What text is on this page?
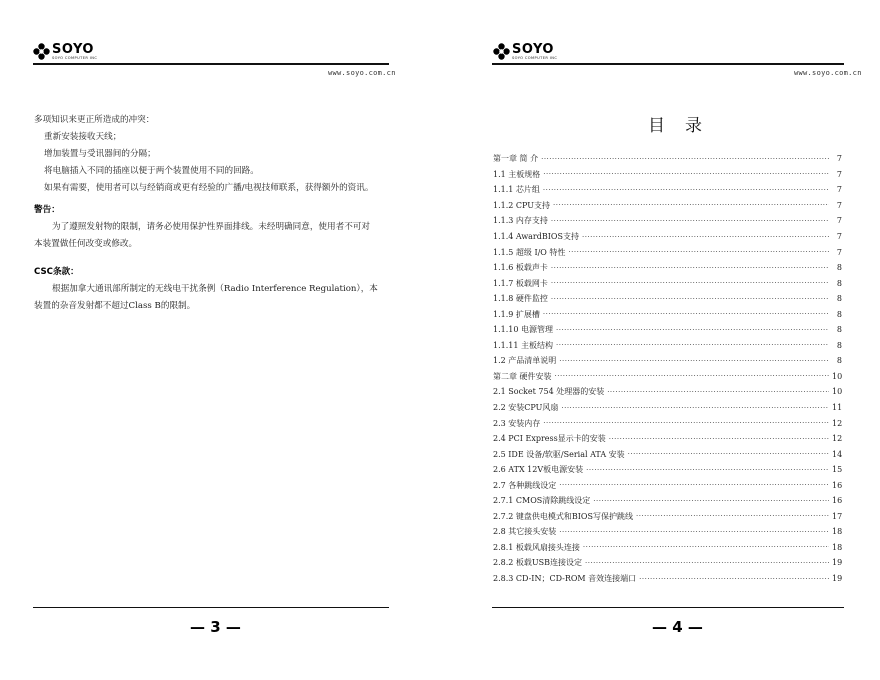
SOYO
SOYO COMPUTER INC
www.soyo.com.cn

多项知识来更正所造成的冲突：

重新安装接收天线；

增加装置与受讯器间的分隔；

将电脑插入不同的插座以便于两个装置使用不同的回路。

如果有需要，使用者可以与经销商或更有经验的广播/电视技师联系，获得额外的资讯。

警告：

为了遵照发射物的限制，请务必使用保护性界面排线。未经明确同意，使用者不可对

本装置做任何改变或修改。

CSC条款：

根据加拿大通讯部所制定的无线电干扰条例（Radio Interference Regulation），本

装置的杂音发射都不超过Class B的限制。

— 3 —
SOYO
SOYO COMPUTER INC
www.soyo.com.cn
目录
第一章 简 介 ·····	7
1.1 主板规格 ·····	7
1.1.1 芯片组 ·····	7
1.1.2 CPU支持 ·····	7
1.1.3 内存支持 ·····	7
1.1.4 AwardBIOS支持 ·····	7
1.1.5 超级 I/O 特性 ·····	7
1.1.6 板载声卡 ·····	8
1.1.7 板载网卡 ·····	8
1.1.8 硬件监控 ·····	8
1.1.9 扩展槽 ·····	8
1.1.10 电源管理 ·····	8
1.1.11 主板结构 ·····	8
1.2 产品清单说明 ·····	8
第二章 硬件安装 ·····	10
2.1 Socket 754 处理器的安装 ·····	10
2.2 安装CPU风扇 ·····	11
2.3 安装内存 ·····	12
2.4 PCI Express显示卡的安装 ·····	12
2.5 IDE 设备/软驱/Serial ATA 安装 ·····	14
2.6 ATX 12V板电源安装 ·····	15
2.7 各种跳线设定 ·····	16
2.7.1 CMOS清除跳线设定 ·····	16
2.7.2 键盘供电模式和BIOS写保护跳线 ·····	17
2.8 其它接头安装 ·····	18
2.8.1 板载风扇接头连接 ·····	18
2.8.2 板载USB连接设定 ·····	19
2.8.3 CD-IN；CD-ROM 音效连接端口 ·····	19
— 4 —
